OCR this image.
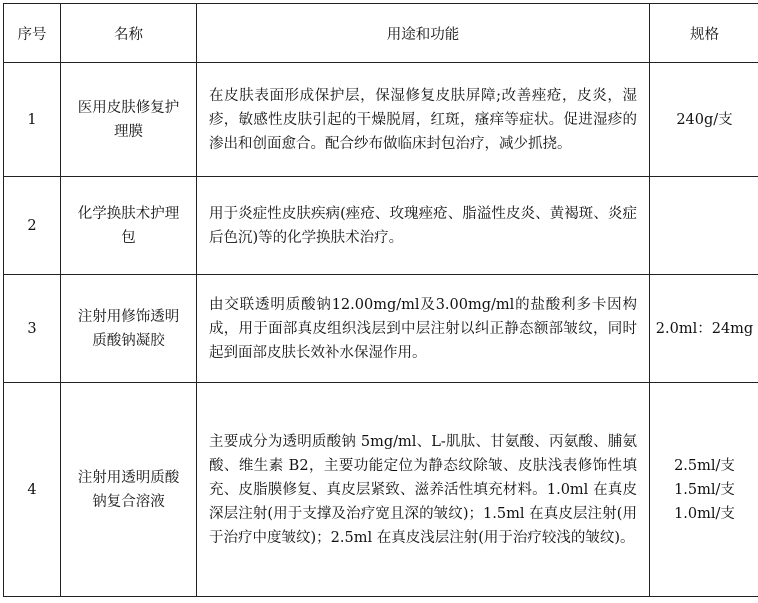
序号	名称	用途和功能	规格
1	医用皮肤修复护理膜	在皮肤表面形成保护层，保湿修复皮肤屏障;改善痤疮，皮炎，湿疹，敏感性皮肤引起的干燥脱屑，红斑，瘙痒等症状。促进湿疹的渗出和创面愈合。配合纱布做临床封包治疗，减少抓挠。	240g/支

2	化学换肤术护理包	用于炎症性皮肤疾病(痤疮、玫瑰痤疮、脂溢性皮炎、黄褐斑、炎症后色沉)等的化学换肤术治疗。	

3	注射用修饰透明质酸钠凝胶	由交联透明质酸钠12.00mg/ml及3.00mg/ml的盐酸利多卡因构成，用于面部真皮组织浅层到中层注射以纠正静态额部皱纹，同时起到面部皮肤长效补水保湿作用。	2.0ml：24mg

4	注射用透明质酸钠复合溶液	主要成分为透明质酸钠 5mg/ml、L-肌肽、甘氨酸、丙氨酸、脯氨酸、维生素 B2，主要功能定位为静态纹除皱、皮肤浅表修饰性填充、皮脂膜修复、真皮层紧致、滋养活性填充材料。1.0ml 在真皮深层注射(用于支撑及治疗宽且深的皱纹)；1.5ml 在真皮层注射(用于治疗中度皱纹)；2.5ml 在真皮浅层注射(用于治疗较浅的皱纹)。	2.5ml/支
1.5ml/支
1.0ml/支
